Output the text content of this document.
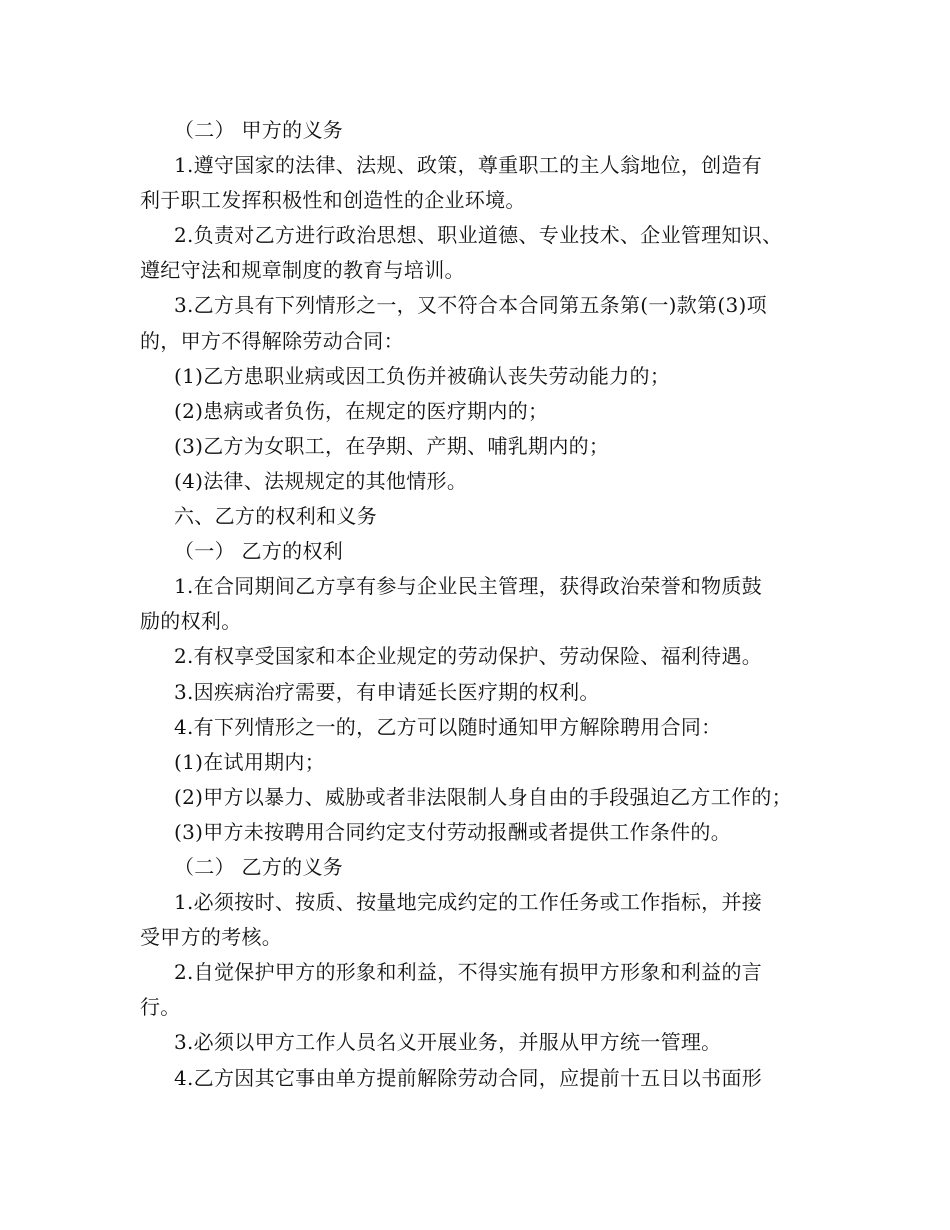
（二） 甲方的义务
1.遵守国家的法律、法规、政策，尊重职工的主人翁地位，创造有
利于职工发挥积极性和创造性的企业环境。
2.负责对乙方进行政治思想、职业道德、专业技术、企业管理知识、
遵纪守法和规章制度的教育与培训。
3.乙方具有下列情形之一，又不符合本合同第五条第(一)款第(3)项
的，甲方不得解除劳动合同：
(1)乙方患职业病或因工负伤并被确认丧失劳动能力的；
(2)患病或者负伤，在规定的医疗期内的；
(3)乙方为女职工，在孕期、产期、哺乳期内的；
(4)法律、法规规定的其他情形。
六、乙方的权利和义务
（一） 乙方的权利
1.在合同期间乙方享有参与企业民主管理，获得政治荣誉和物质鼓
励的权利。
2.有权享受国家和本企业规定的劳动保护、劳动保险、福利待遇。
3.因疾病治疗需要，有申请延长医疗期的权利。
4.有下列情形之一的，乙方可以随时通知甲方解除聘用合同：
(1)在试用期内；
(2)甲方以暴力、威胁或者非法限制人身自由的手段强迫乙方工作的；
(3)甲方未按聘用合同约定支付劳动报酬或者提供工作条件的。
（二） 乙方的义务
1.必须按时、按质、按量地完成约定的工作任务或工作指标，并接
受甲方的考核。
2.自觉保护甲方的形象和利益，不得实施有损甲方形象和利益的言
行。
3.必须以甲方工作人员名义开展业务，并服从甲方统一管理。
4.乙方因其它事由单方提前解除劳动合同，应提前十五日以书面形
